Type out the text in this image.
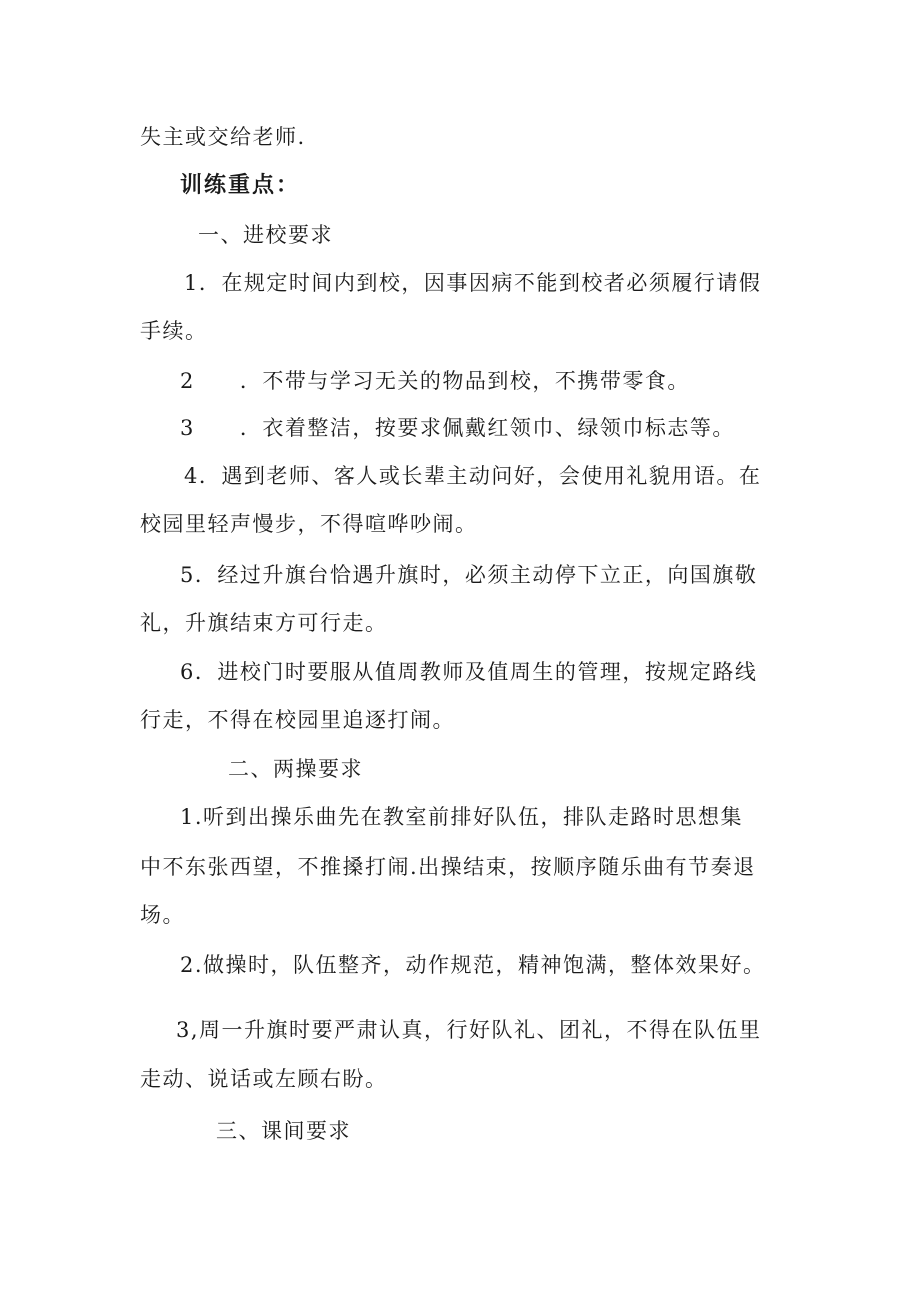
失主或交给老师.
训练重点：
一、进校要求
1．在规定时间内到校，因事因病不能到校者必须履行请假
手续。
2　　．不带与学习无关的物品到校，不携带零食。
3　　．衣着整洁，按要求佩戴红领巾、绿领巾标志等。
4．遇到老师、客人或长辈主动问好，会使用礼貌用语。在
校园里轻声慢步，不得喧哗吵闹。
5．经过升旗台恰遇升旗时，必须主动停下立正，向国旗敬
礼，升旗结束方可行走。
6．进校门时要服从值周教师及值周生的管理，按规定路线
行走，不得在校园里追逐打闹。
二、两操要求
1.听到出操乐曲先在教室前排好队伍，排队走路时思想集
中不东张西望，不推搡打闹.出操结束，按顺序随乐曲有节奏退
场。
2.做操时，队伍整齐，动作规范，精神饱满，整体效果好。
3,周一升旗时要严肃认真，行好队礼、团礼，不得在队伍里
走动、说话或左顾右盼。
三、课间要求
